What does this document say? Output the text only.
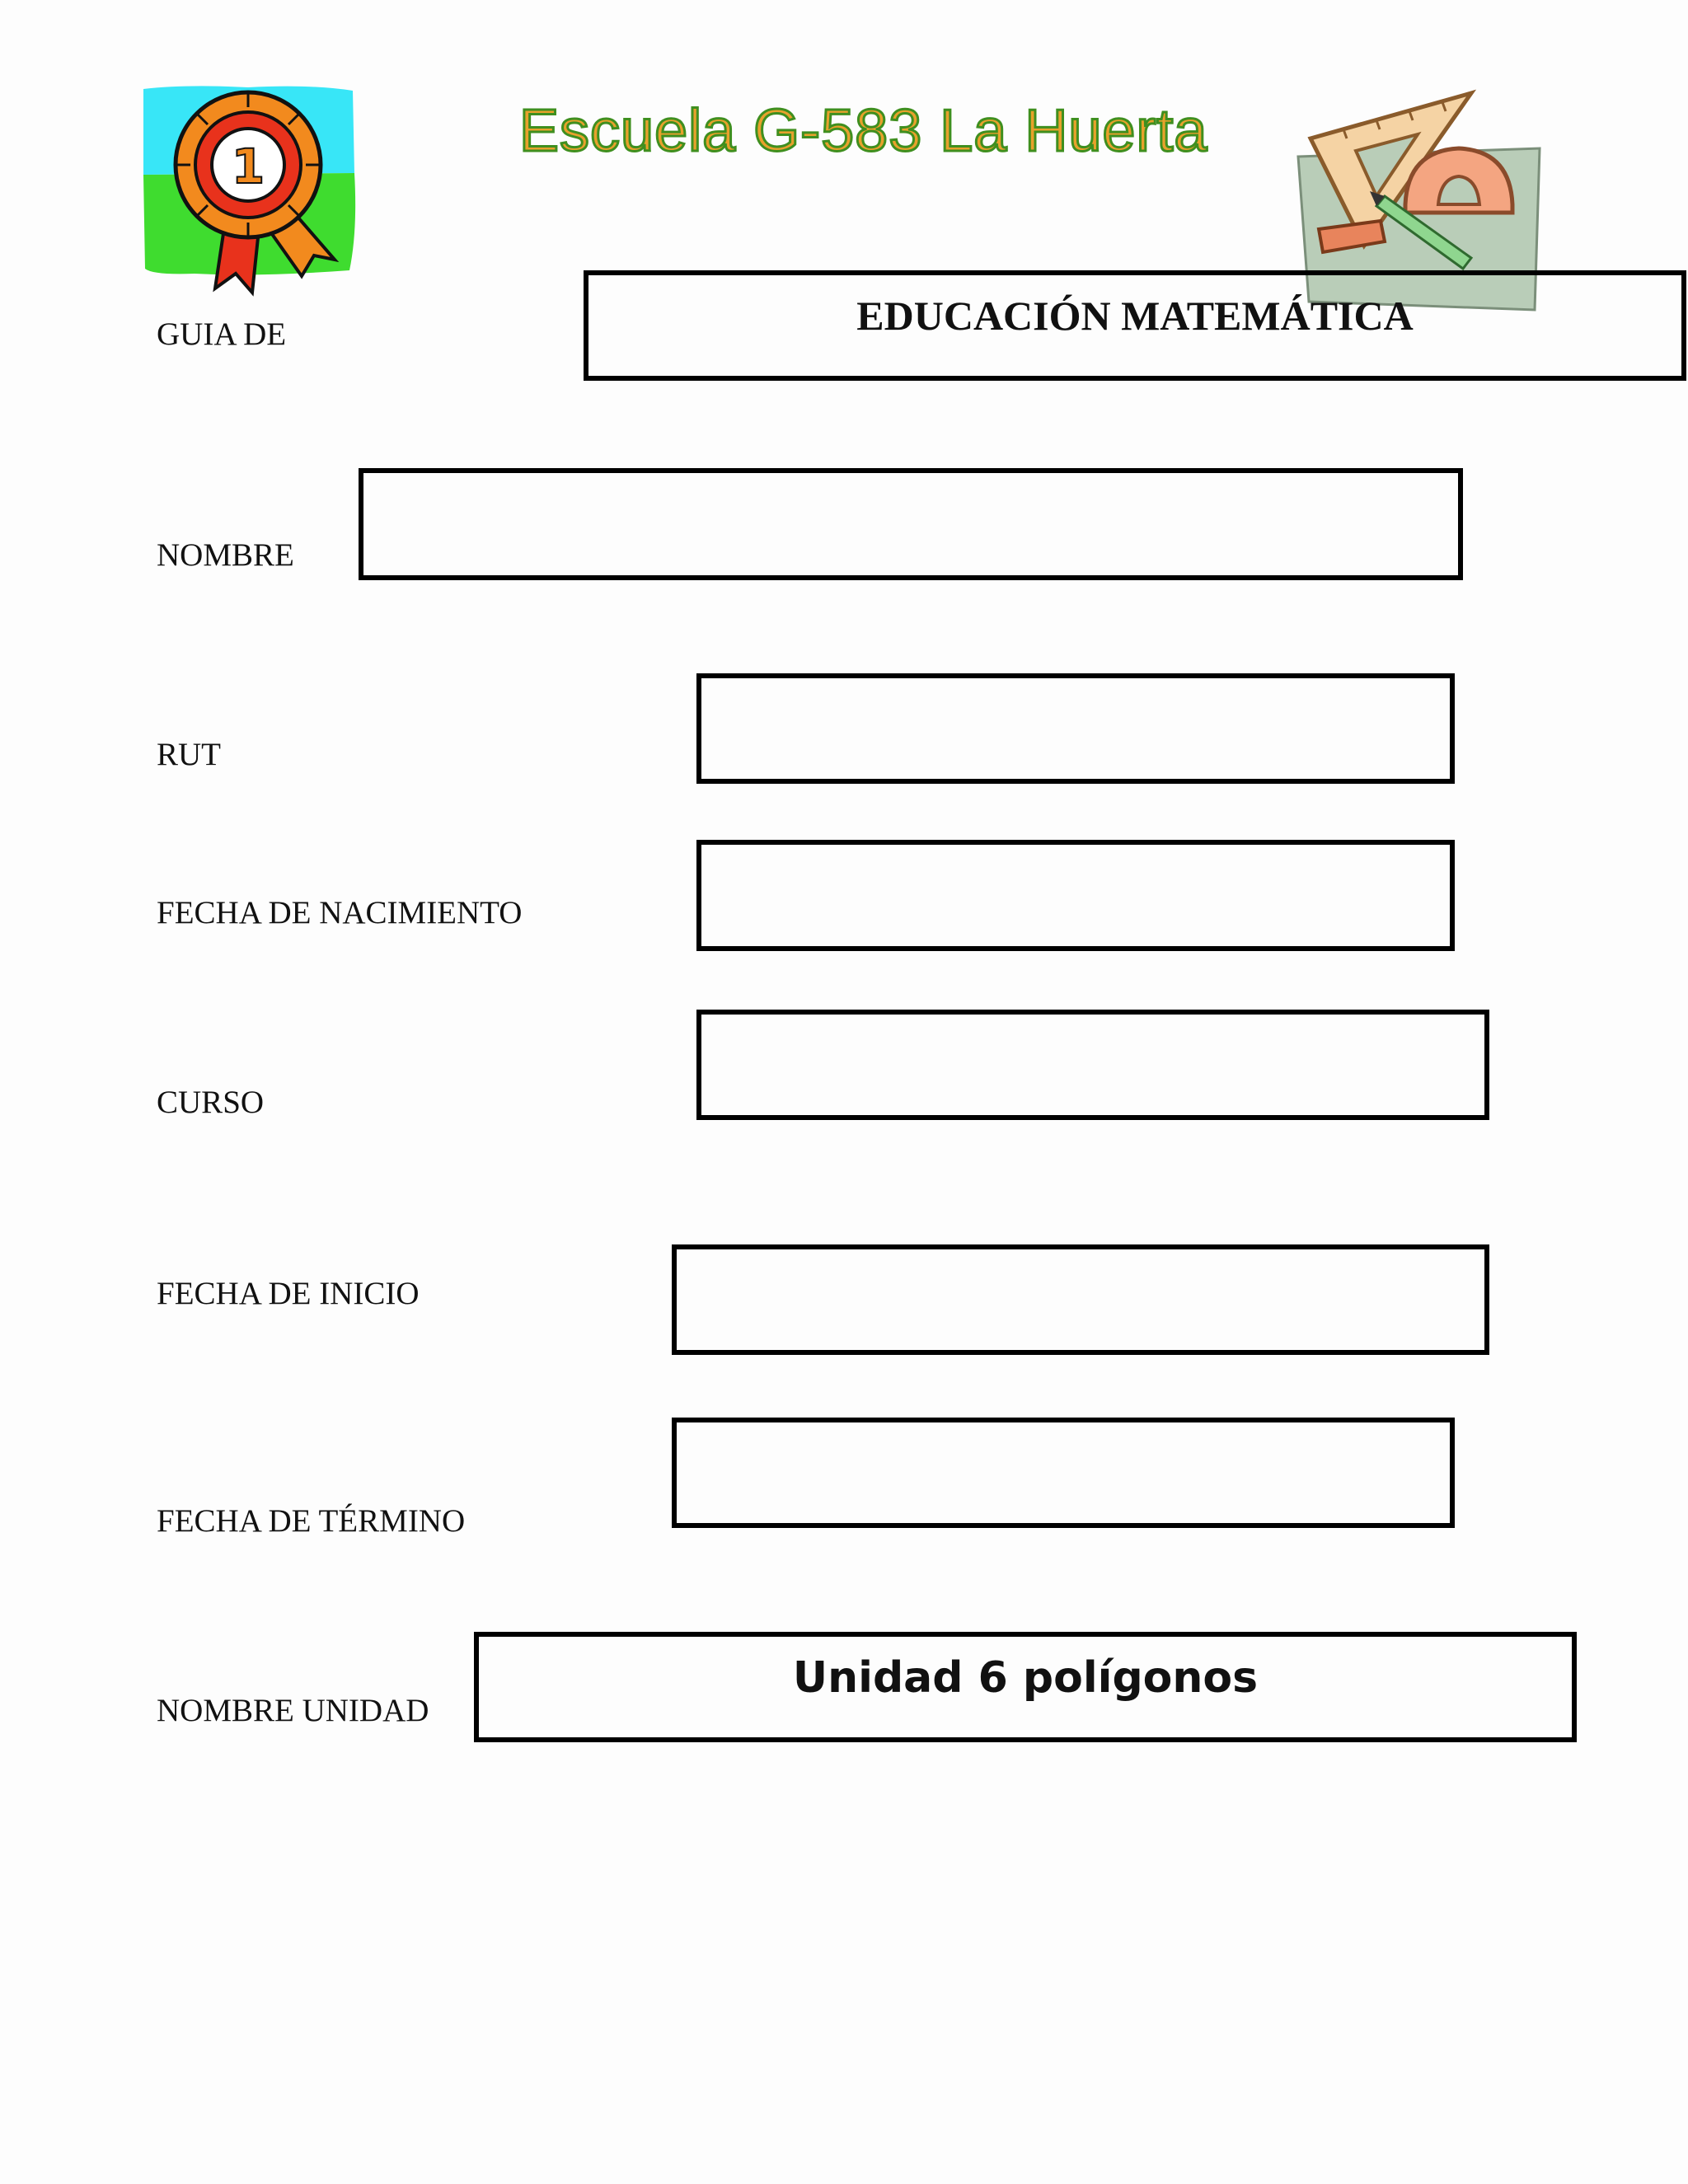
1
Escuela G-583 La Huerta
GUIA DE	EDUCACIÓN MATEMÁTICA
NOMBRE
RUT
FECHA DE NACIMIENTO
CURSO
FECHA DE INICIO
FECHA DE TÉRMINO
NOMBRE UNIDAD
Unidad 6 polígonos
